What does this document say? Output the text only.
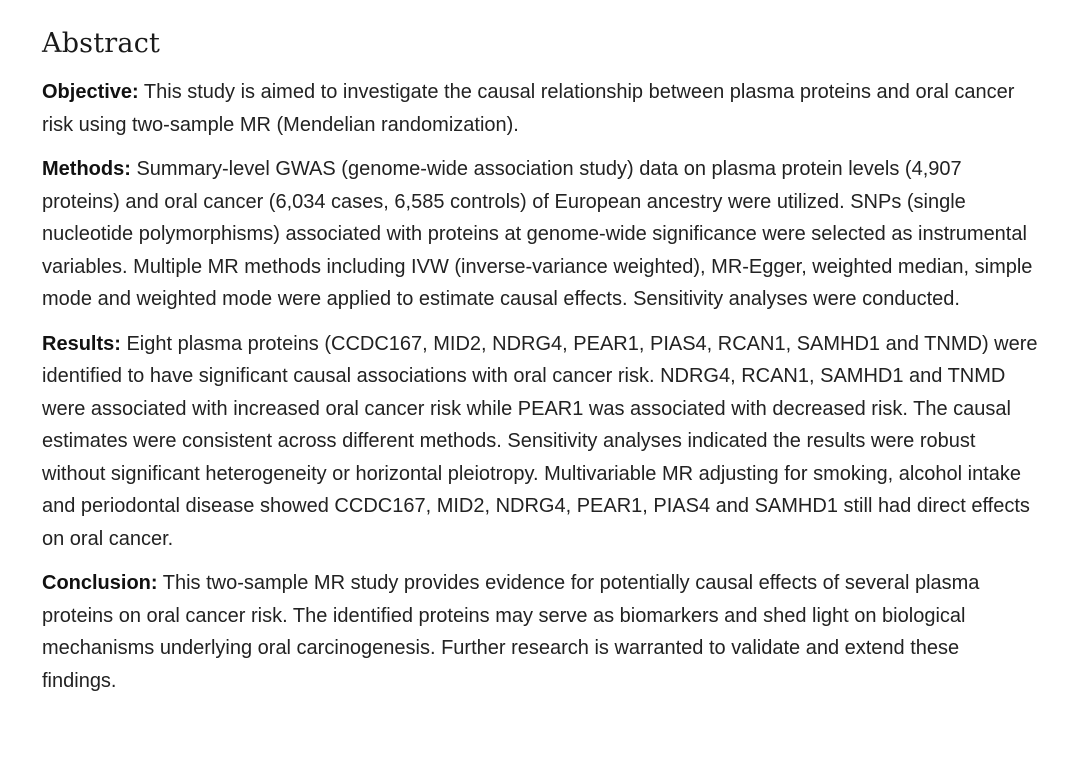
Abstract

Objective: This study is aimed to investigate the causal relationship between plasma proteins and oral cancer risk using two-sample MR (Mendelian randomization).

Methods: Summary-level GWAS (genome-wide association study) data on plasma protein levels (4,907 proteins) and oral cancer (6,034 cases, 6,585 controls) of European ancestry were utilized. SNPs (single nucleotide polymorphisms) associated with proteins at genome-wide significance were selected as instrumental variables. Multiple MR methods including IVW (inverse-variance weighted), MR-Egger, weighted median, simple mode and weighted mode were applied to estimate causal effects. Sensitivity analyses were conducted.

Results: Eight plasma proteins (CCDC167, MID2, NDRG4, PEAR1, PIAS4, RCAN1, SAMHD1 and TNMD) were identified to have significant causal associations with oral cancer risk. NDRG4, RCAN1, SAMHD1 and TNMD were associated with increased oral cancer risk while PEAR1 was associated with decreased risk. The causal estimates were consistent across different methods. Sensitivity analyses indicated the results were robust without significant heterogeneity or horizontal pleiotropy. Multivariable MR adjusting for smoking, alcohol intake and periodontal disease showed CCDC167, MID2, NDRG4, PEAR1, PIAS4 and SAMHD1 still had direct effects on oral cancer.

Conclusion: This two-sample MR study provides evidence for potentially causal effects of several plasma proteins on oral cancer risk. The identified proteins may serve as biomarkers and shed light on biological mechanisms underlying oral carcinogenesis. Further research is warranted to validate and extend these findings.
